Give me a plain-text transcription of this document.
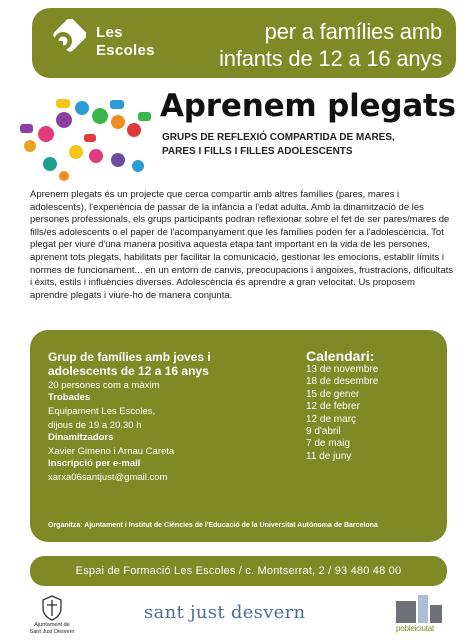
Les
Escoles
per a famílies amb
infants de 12 a 16 anys
Aprenem plegats
GRUPS DE REFLEXIÓ COMPARTIDA DE MARES,
PARES I FILLS I FILLES ADOLESCENTS

Aprenem plegats és un projecte que cerca compartir amb altres famílies (pares, mares i adolescents), l'experiència de passar de la infància a l'edat adulta. Amb la dinamització de les persones professionals, els grups participants podran reflexionar sobre el fet de ser pares/mares de fills/es adolescents o el paper de l'acompanyament que les famílies poden fer a l'adolescència. Tot plegat per viure d'una manera positiva aquesta etapa tant important en la vida de les persones, aprenent tots plegats, habilitats per facilitar la comunicació, gestionar les emocions, establir límits i normes de funcionament... en un entorn de canvis, preocupacions i angoixes, frustracions, dificultats i èxits, estils i influències diverses. Adolescència és aprendre a gran velocitat. Us proposem aprendre plegats i viure-ho de manera conjunta.

Grup de famílies amb joves i
adolescents de 12 a 16 anys
20 persones com a màxim
Trobades
Equipament Les Escoles,
dijous de 19 a 20.30 h
Dinamitzadors
Xavier Gimeno i Arnau Careta
Inscripció per e-mail
xarxa06santjust@gmail.com
Calendari:
13 de novembre
18 de desembre
15 de gener
12 de febrer
12 de març
9 d'abril
7 de maig
11 de juny
Organitza: Ajuntament i Institut de Ciències de l'Educació de la Universitat Autònoma de Barcelona
Espai de Formació Les Escoles / c. Montserrat, 2 / 93 480 48 00
Ajuntament de
Sant Just Desvern
sant just desvern
pobleiciutat
